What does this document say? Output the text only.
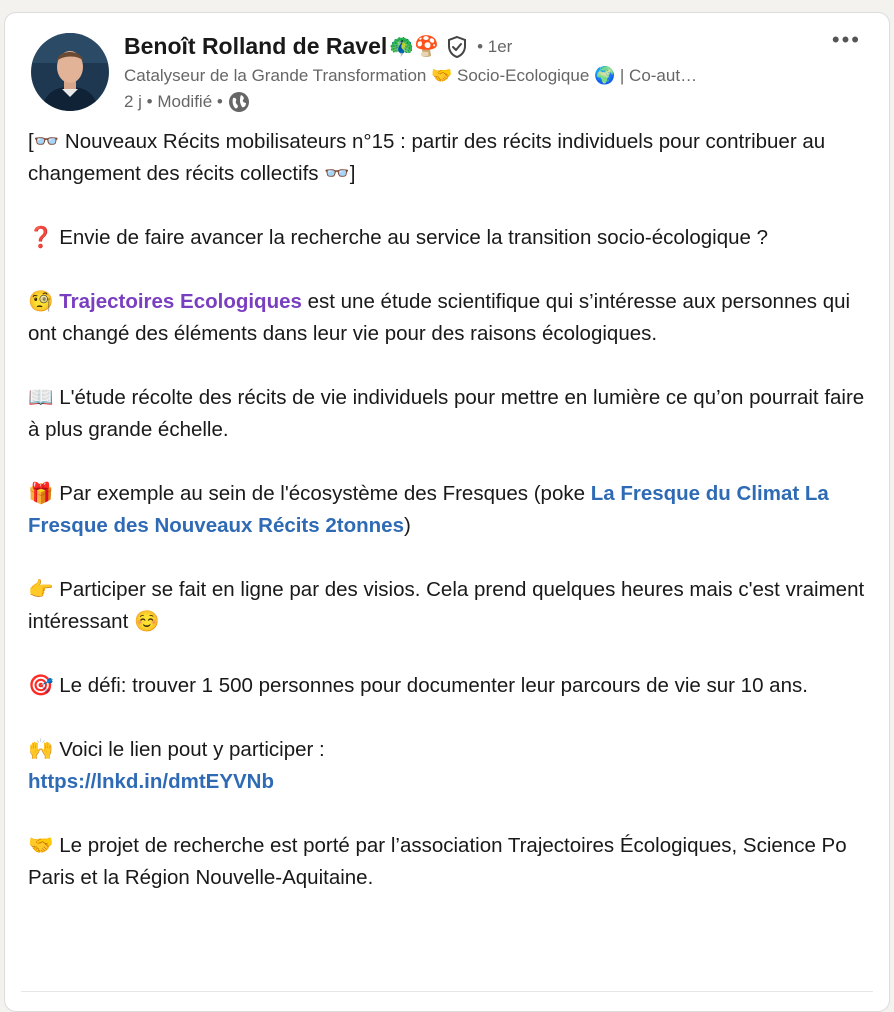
Benoît Rolland de Ravel 🦚🍄 • 1er
Catalyseur de la Grande Transformation 🤝 Socio-Ecologique 🌍 | Co-aut…
2 j • Modifié •
•••

[👓 Nouveaux Récits mobilisateurs n°15 : partir des récits individuels pour contribuer au changement des récits collectifs 👓]

❓ Envie de faire avancer la recherche au service la transition socio-écologique ?

🧐 Trajectoires Ecologiques est une étude scientifique qui s’intéresse aux personnes qui ont changé des éléments dans leur vie pour des raisons écologiques.

📖 L'étude récolte des récits de vie individuels pour mettre en lumière ce qu’on pourrait faire à plus grande échelle.

🎁 Par exemple au sein de l'écosystème des Fresques (poke La Fresque du Climat La Fresque des Nouveaux Récits 2tonnes)

👉 Participer se fait en ligne par des visios. Cela prend quelques heures mais c'est vraiment intéressant ☺️

🎯 Le défi: trouver 1 500 personnes pour documenter leur parcours de vie sur 10 ans.

🙌 Voici le lien pout y participer :
https://lnkd.in/dmtEYVNb

🤝 Le projet de recherche est porté par l’association Trajectoires Écologiques, Science Po Paris et la Région Nouvelle-Aquitaine.
